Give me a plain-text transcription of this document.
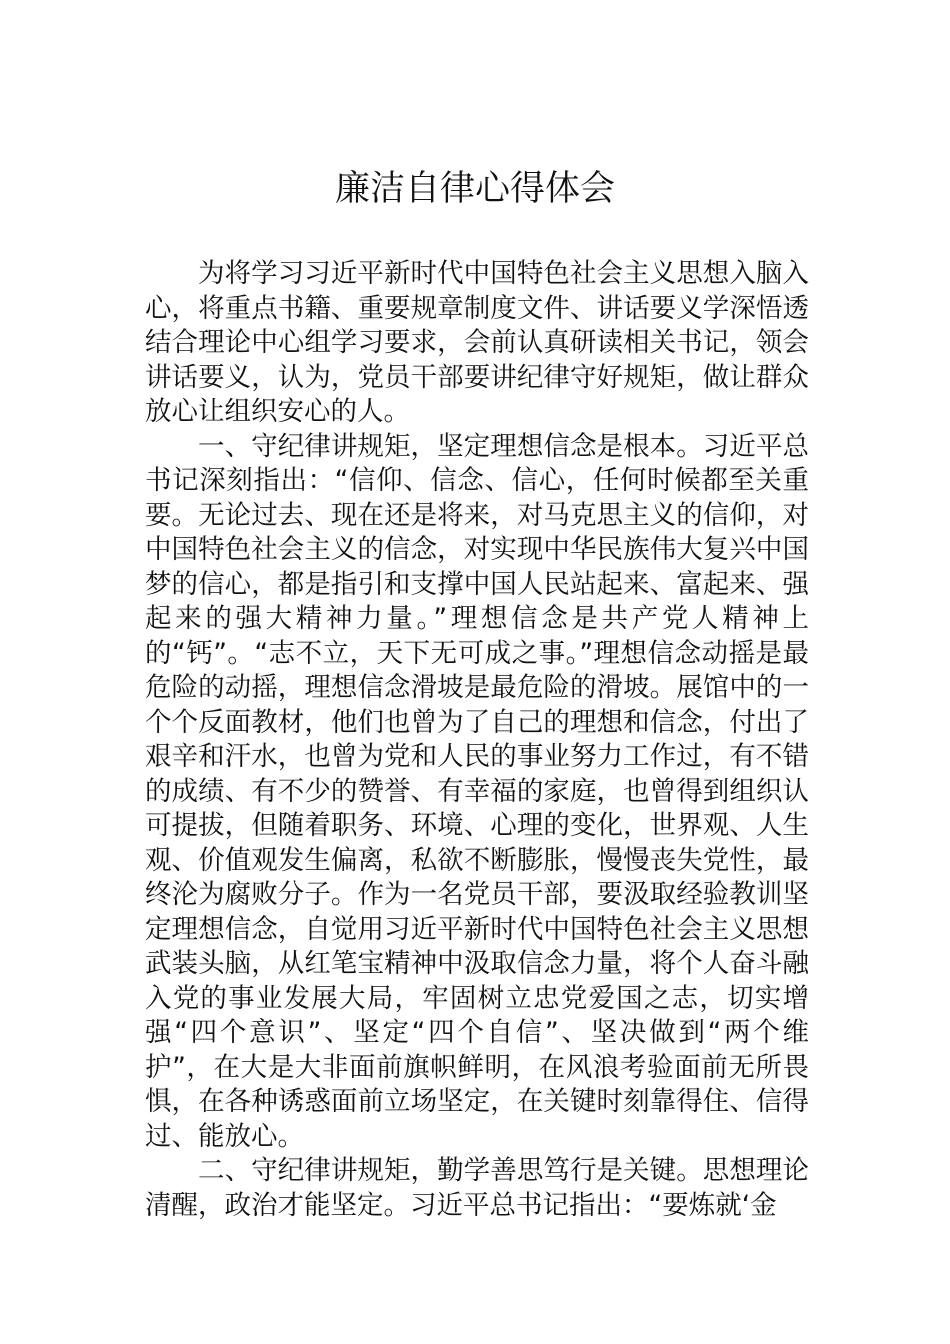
廉洁自律心得体会

为将学习习近平新时代中国特色社会主义思想入脑入心，将重点书籍、重要规章制度文件、讲话要义学深悟透结合理论中心组学习要求，会前认真研读相关书记，领会讲话要义，认为，党员干部要讲纪律守好规矩，做让群众放心让组织安心的人。

一、守纪律讲规矩，坚定理想信念是根本。习近平总书记深刻指出：“信仰、信念、信心，任何时候都至关重要。无论过去、现在还是将来，对马克思主义的信仰，对中国特色社会主义的信念，对实现中华民族伟大复兴中国梦的信心，都是指引和支撑中国人民站起来、富起来、强起来的强大精神力量。”理想信念是共产党人精神上的“钙”。“志不立，天下无可成之事。”理想信念动摇是最危险的动摇，理想信念滑坡是最危险的滑坡。展馆中的一个个反面教材，他们也曾为了自己的理想和信念，付出了艰辛和汗水，也曾为党和人民的事业努力工作过，有不错的成绩、有不少的赞誉、有幸福的家庭，也曾得到组织认可提拔，但随着职务、环境、心理的变化，世界观、人生观、价值观发生偏离，私欲不断膨胀，慢慢丧失党性，最终沦为腐败分子。作为一名党员干部，要汲取经验教训坚定理想信念，自觉用习近平新时代中国特色社会主义思想武装头脑，从红笔宝精神中汲取信念力量，将个人奋斗融入党的事业发展大局，牢固树立忠党爱国之志，切实增强“四个意识”、坚定“四个自信”、坚决做到“两个维护”，在大是大非面前旗帜鲜明，在风浪考验面前无所畏惧，在各种诱惑面前立场坚定，在关键时刻靠得住、信得过、能放心。

二、守纪律讲规矩，勤学善思笃行是关键。思想理论清醒，政治才能坚定。习近平总书记指出：“要炼就‘金
